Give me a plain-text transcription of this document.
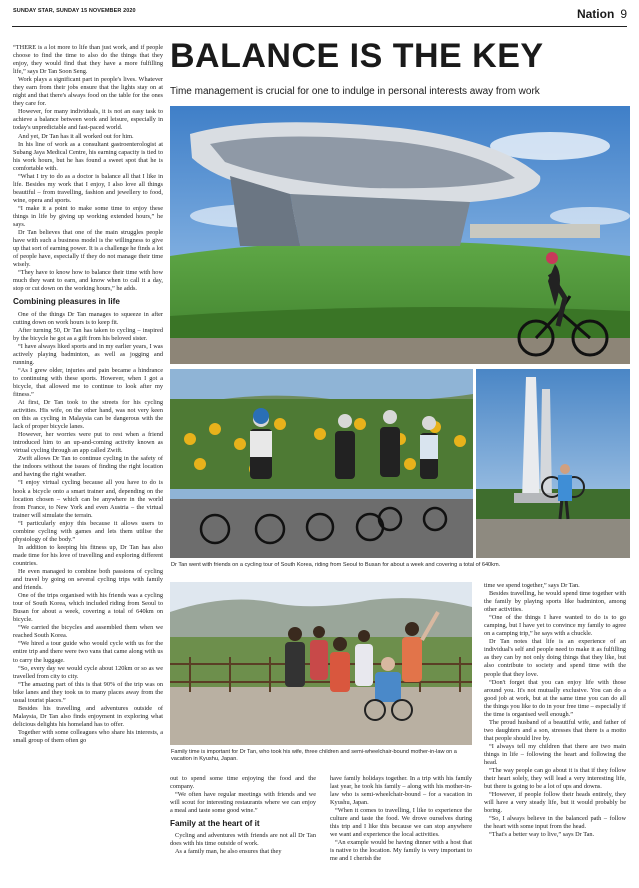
SUNDAY STAR, SUNDAY 15 NOVEMBER 2020	Nation 9
BALANCE IS THE KEY
Time management is crucial for one to indulge in personal interests away from work

“THERE is a lot more to life than just work, and if people choose to find the time to also do the things that they enjoy, they would find that they have a more fulfilling life,” says Dr Tan Soon Seng.

Work plays a significant part in people's lives. Whatever they earn from their jobs ensure that the lights stay on at night and that there's always food on the table for the ones they care for.

However, for many individuals, it is not an easy task to achieve a balance between work and leisure, especially in today's unpredictable and fast-paced world.

And yet, Dr Tan has it all worked out for him.

In his line of work as a consultant gastroenterologist at Subang Jaya Medical Centre, his earning capacity is tied to his work hours, but he has found a sweet spot that he is comfortable with.

“What I try to do as a doctor is balance all that I like in life. Besides my work that I enjoy, I also love all things beautiful – from travelling, fashion and jewellery to food, wine, opera and sports.

“I make it a point to make some time to enjoy these things in life by giving up working extended hours,” he says.

Dr Tan believes that one of the main struggles people have with such a business model is the willingness to give up that sort of earning power. It is a challenge he finds a lot of people have, especially if they do not manage their time wisely.

“They have to know how to balance their time with how much they want to earn, and know when to call it a day, stop or cut down on the working hours,” he adds.

Combining pleasures in life

One of the things Dr Tan manages to squeeze in after cutting down on work hours is to keep fit.

After turning 50, Dr Tan has taken to cycling – inspired by the bicycle he got as a gift from his beloved sister.

“I have always liked sports and in my earlier years, I was actively playing badminton, as well as jogging and running.

“As I grew older, injuries and pain became a hindrance to continuing with these sports. However, when I got a bicycle, that allowed me to continue to look after my fitness.”

At first, Dr Tan took to the streets for his cycling activities. His wife, on the other hand, was not very keen on this as cycling in Malaysia can be dangerous with the lack of proper bicycle lanes.

However, her worries were put to rest when a friend introduced him to an up-and-coming activity known as virtual cycling through an app called Zwift.

Zwift allows Dr Tan to continue cycling in the safety of the indoors without the issues of finding the right location and having the right weather.

“I enjoy virtual cycling because all you have to do is hook a bicycle onto a smart trainer and, depending on the location chosen – which can be anywhere in the world from France, to New York and even Austria – the virtual trainer will simulate the terrain.

“I particularly enjoy this because it allows users to combine cycling with games and lets them utilise the physiology of the body.”

In addition to keeping his fitness up, Dr Tan has also made time for his love of travelling and exploring different countries.

He even managed to combine both passions of cycling and travel by going on several cycling trips with family and friends.

One of the trips organised with his friends was a cycling tour of South Korea, which included riding from Seoul to Busan for about a week, covering a total of 640km on bicycle.

“We carried the bicycles and assembled them when we reached South Korea.

“We hired a tour guide who would cycle with us for the entire trip and there were two vans that came along with us to carry the luggage.

“So, every day we would cycle about 120km or so as we travelled from city to city.

“The amazing part of this is that 90% of the trip was on bike lanes and they took us to many places away from the usual tourist places.”

Besides his travelling and adventures outside of Malaysia, Dr Tan also finds enjoyment in exploring what delicious delights his homeland has to offer.

Together with some colleagues who share his interests, a small group of them often go

Dr Tan went with friends on a cycling tour of South Korea, riding from Seoul to Busan for about a week and covering a total of 640km.
Family time is important for Dr Tan, who took his wife, three children and semi-wheelchair-bound mother-in-law on a vacation in Kyushu, Japan.

out to spend some time enjoying the food and the company.

“We often have regular meetings with friends and we will scout for interesting restaurants where we can enjoy a meal and taste some good wine.”

Family at the heart of it

Cycling and adventures with friends are not all Dr Tan does with his time outside of work.

As a family man, he also ensures that they

have family holidays together. In a trip with his family last year, he took his family – along with his mother-in-law who is semi-wheelchair-bound – for a vacation in Kyushu, Japan.

“When it comes to travelling, I like to experience the culture and taste the food. We drove ourselves during this trip and I like this because we can stop anywhere we want and experience the local activities.

“An example would be having dinner with a host that is native to the location. My family is very important to me and I cherish the

time we spend together,” says Dr Tan.

Besides travelling, he would spend time together with the family by playing sports like badminton, among other activities.

“One of the things I have wanted to do is to go camping, but I have yet to convince my family to agree on a camping trip,” he says with a chuckle.

Dr Tan notes that life is an experience of an individual's self and people need to make it as fulfilling as they can by not only doing things that they like, but also contribute to society and spend time with the people that they love.

“Don't forget that you can enjoy life with those around you. It's not mutually exclusive. You can do a good job at work, but at the same time you can do all the things you like to do in your free time – especially if the time is organised well enough.”

The proud husband of a beautiful wife, and father of two daughters and a son, stresses that there is a motto that people should live by.

“I always tell my children that there are two main things in life – following the heart and following the head.

“The way people can go about it is that if they follow their heart solely, they will lead a very interesting life, but there is going to be a lot of ups and downs.

“However, if people follow their heads entirely, they will have a very steady life, but it would probably be boring.

“So, I always believe in the balanced path – follow the heart with some input from the head.

“That's a better way to live,” says Dr Tan.
